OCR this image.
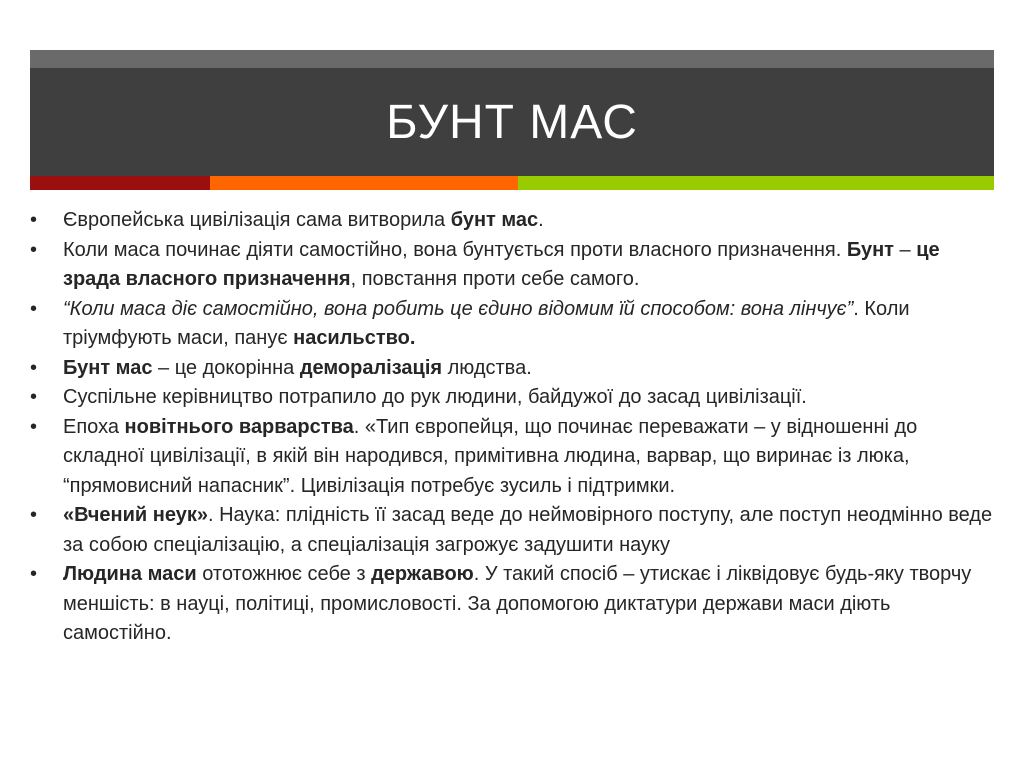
БУНТ МАС
• Європейська цивілізація сама витворила бунт мас.
• Коли маса починає діяти самостійно, вона бунтується проти власного призначення. Бунт – це зрада власного призначення, повстання проти себе самого.
• “Коли маса діє самостійно, вона робить це єдино відомим їй способом: вона лінчує”. Коли тріумфують маси, панує насильство.
• Бунт мас – це докорінна деморалізація людства.
• Суспільне керівництво потрапило до рук людини, байдужої до засад цивілізації.
• Епоха новітнього варварства. «Тип європейця, що починає переважати – у відношенні до складної цивілізації, в якій він народився, примітивна людина, варвар, що виринає із люка, “прямовисний напасник”. Цивілізація потребує зусиль і підтримки.
• «Вчений неук». Наука: плідність її засад веде до неймовірного поступу, але поступ неодмінно веде за собою спеціалізацію, а спеціалізація загрожує задушити науку
• Людина маси ототожнює себе з державою. У такий спосіб – утискає і ліквідовує будь-яку творчу меншість: в науці, політиці, промисловості. За допомогою диктатури держави маси діють самостійно.
